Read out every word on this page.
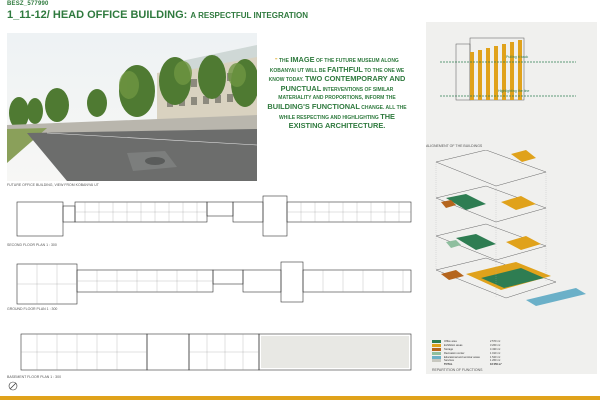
BESZ_577990
1_11-12/ HEAD OFFICE BUILDING: A RESPECTFUL INTEGRATION
FUTURE OFFICE BUILDING, VIEW FROM KOBANYAI UT
" THE IMAGE OF THE FUTURE MUSEUM ALONG KOBANYAI UT WILL BE FAITHFUL TO THE ONE WE KNOW TODAY. TWO CONTEMPORARY AND PUNCTUAL INTERVENTIONS OF SIMILAR MATERIALITY AND PROPORTIONS, INFORM THE BUILDING'S FUNCTIONAL CHANGE. ALL THE WHILE RESPECTING AND HIGHLIGHTING THE EXISTING ARCHITECTURE.
SECOND FLOOR PLAN 1 : 300
GROUND FLOOR PLAN 1 : 300
BASEMENT FLOOR PLAN 1 : 300
Pulling it back
Highlighting the line
ALIGNEMENT OF THE BUILDINGS
Office area	2 570 m²
Exhibition areas	3 260 m²
Storage	4 430 m²
Recreation center	1 010 m²
Educational and seminar areas	1 520 m²
Services	1 260 m²
TOTAL	16 050 m²
REPARTITION OF FUNCTIONS
